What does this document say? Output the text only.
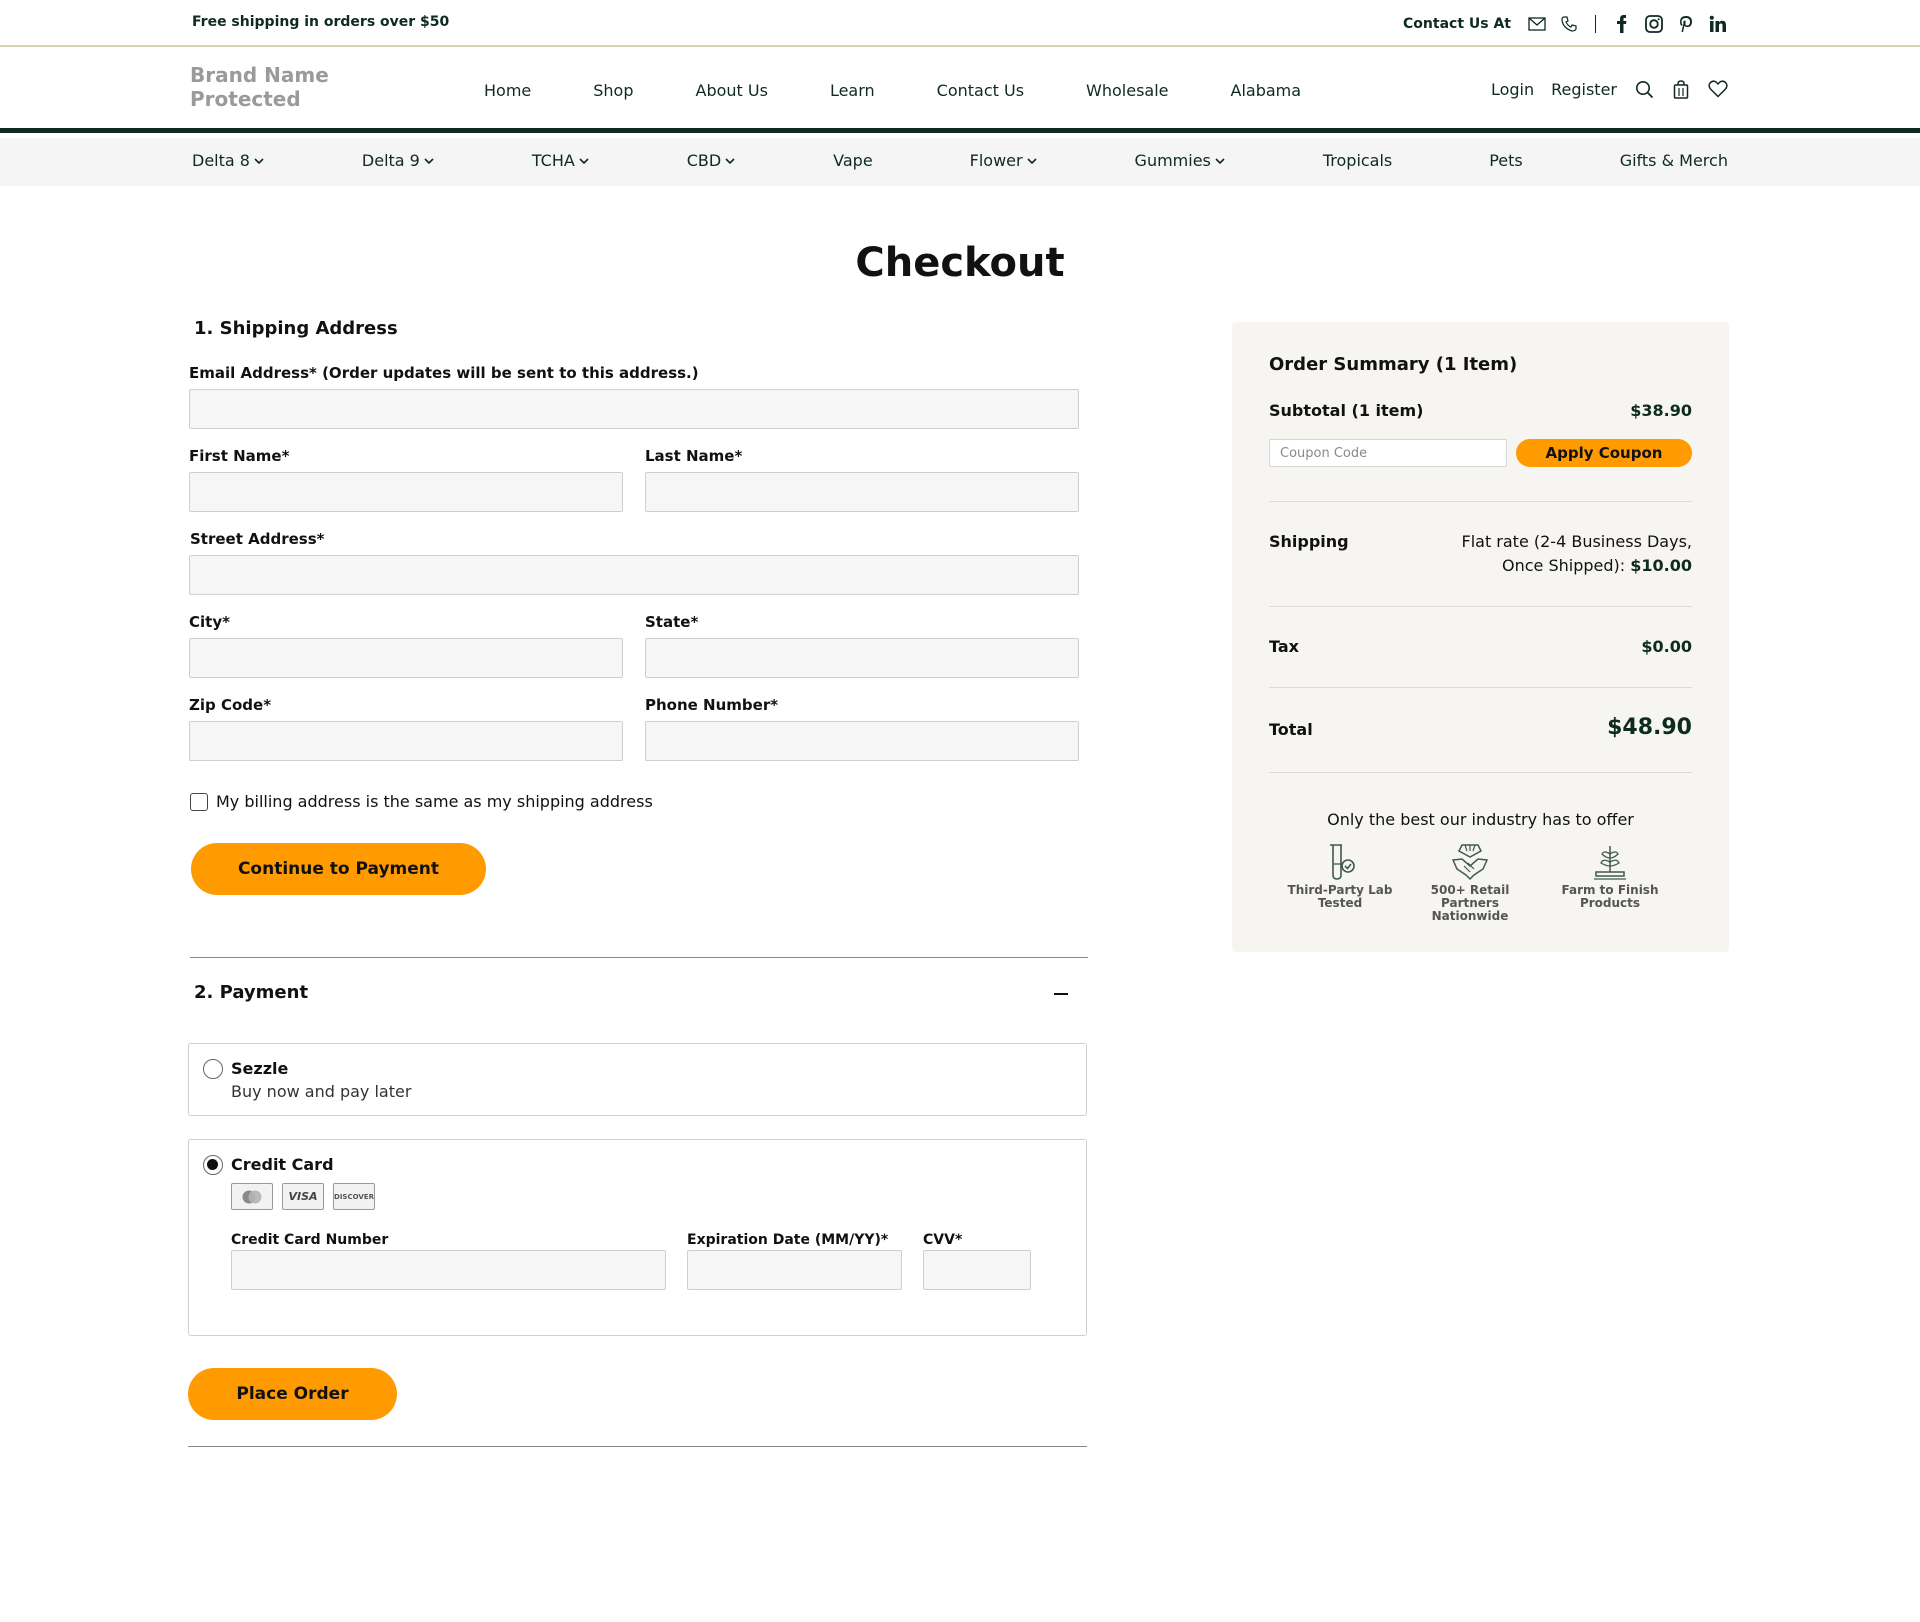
Free shipping in orders over $50	Contact Us At
Brand Name Protected	Home	Shop	About Us	Learn	Contact Us	Wholesale	Alabama	Login Register
Delta 8	Delta 9	TCHA	CBD	Vape	Flower	Gummies	Tropicals	Pets	Gifts & Merch
Checkout
1. Shipping Address
Email Address* (Order updates will be sent to this address.)
First Name*	Last Name*
Street Address*
City*	State*
Zip Code*	Phone Number*
My billing address is the same as my shipping address
Continue to Payment
2. Payment
Sezzle
Buy now and pay later
Credit Card
VISA	DISCOVER
Credit Card Number	Expiration Date (MM/YY)* CVV*
Place Order
Order Summary (1 Item)
Subtotal (1 item)	$38.90
Coupon Code	Apply Coupon
Shipping	Flat rate (2-4 Business Days, Once Shipped): $10.00
Tax	$0.00
Total	$48.90
Only the best our industry has to offer
Third-Party Lab Tested
500+ Retail Partners Nationwide
Farm to Finish Products
